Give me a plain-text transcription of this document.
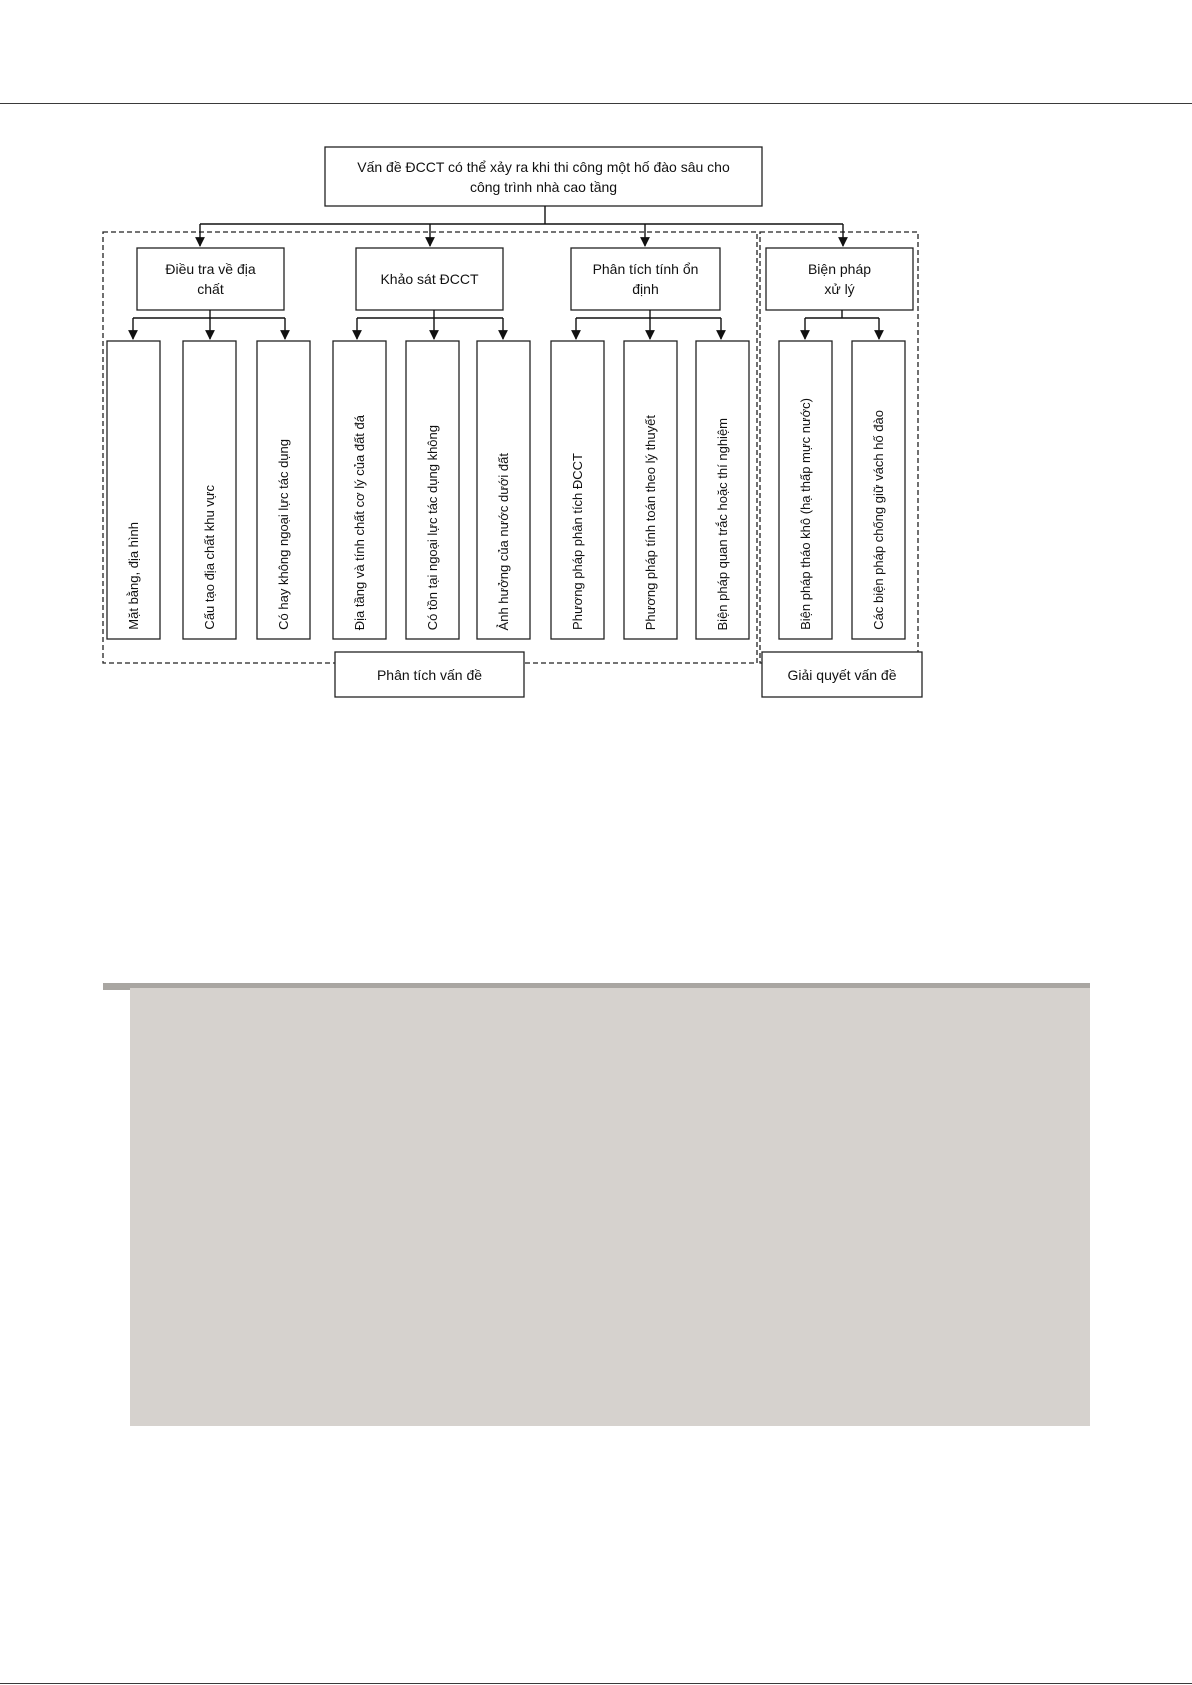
Vấn đề ĐCCT có thể xảy ra khi thi công một hố đào sâu cho công trình nhà cao tầng
Điều tra về địa chất
Khảo sát ĐCCT
Phân tích tính ổn định
Biện pháp xử lý
Mặt bằng, địa hình	Cấu tạo địa chất khu vực	Có hay không ngoại lực tác dụng	Địa tầng và tính chất cơ lý của đất đá	Có tồn tại ngoại lực tác dụng không	Ảnh hưởng của nước dưới đất	Phương pháp phân tích ĐCCT	Phương pháp tính toán theo lý thuyết	Biện pháp quan trắc hoặc thí nghiệm	Biện pháp tháo khô (hạ thấp mực nước)	Các biện pháp chống giữ vách hố đào
Phân tích vấn đề	Giải quyết vấn đề
